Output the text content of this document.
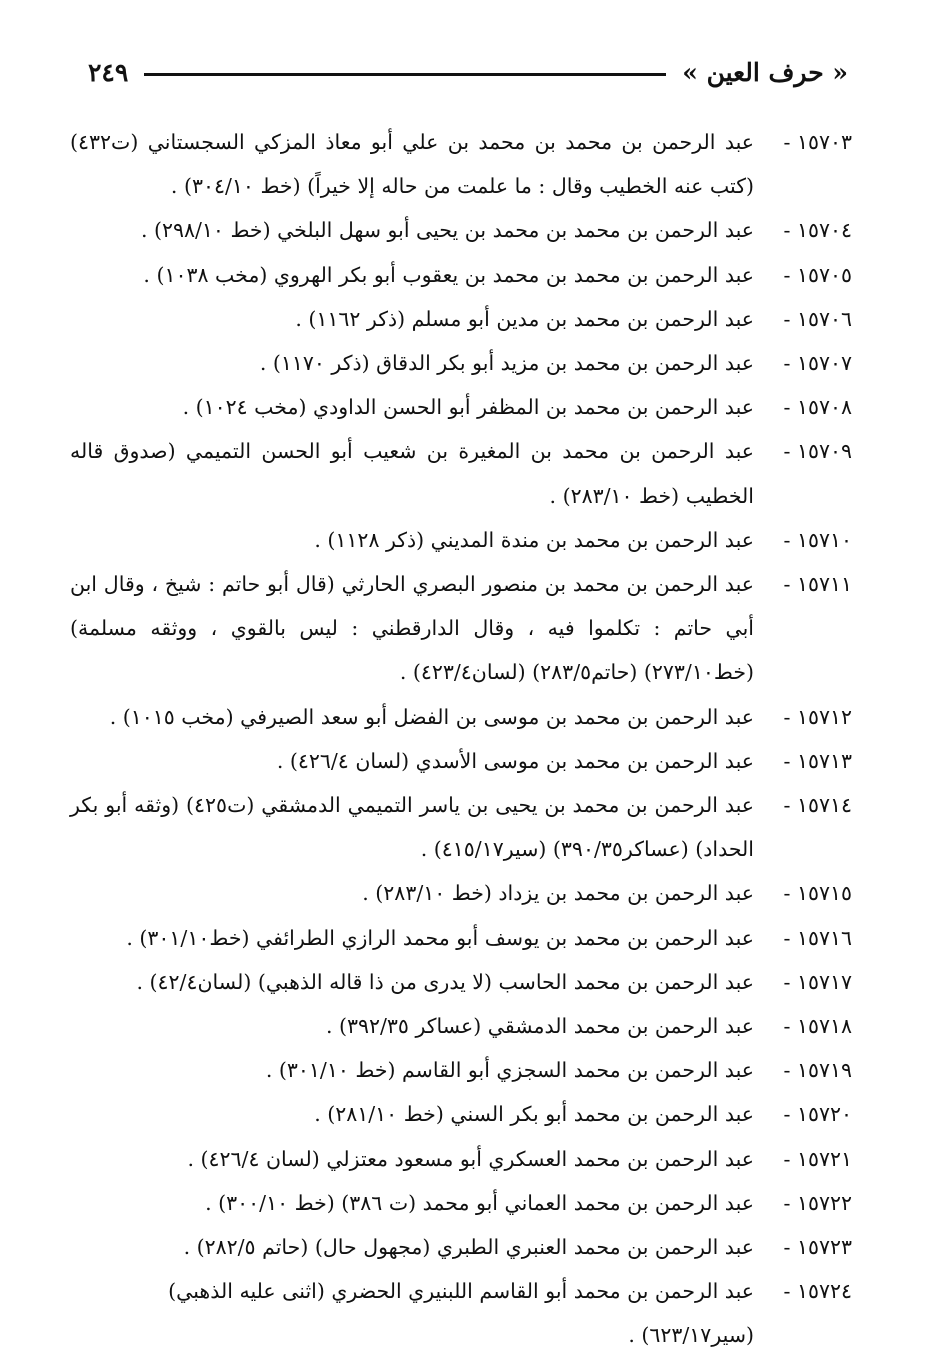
« حرف العين »
٢٤٩
١٥٧٠٣ -
عبد الرحمن بن محمد بن محمد بن علي أبو معاذ المزكي السجستاني (ت٤٣٢) (كتب عنه الخطيب وقال : ما علمت من حاله إلا خيراً) (خط ٣٠٤/١٠) .
١٥٧٠٤ -
عبد الرحمن بن محمد بن محمد بن يحيى أبو سهل البلخي (خط ٢٩٨/١٠) .
١٥٧٠٥ -
عبد الرحمن بن محمد بن محمد بن يعقوب أبو بكر الهروي (مخب ١٠٣٨) .
١٥٧٠٦ -
عبد الرحمن بن محمد بن مدين أبو مسلم (ذكر ١١٦٢) .
١٥٧٠٧ -
عبد الرحمن بن محمد بن مزيد أبو بكر الدقاق (ذكر ١١٧٠) .
١٥٧٠٨ -
عبد الرحمن بن محمد بن المظفر أبو الحسن الداودي (مخب ١٠٢٤) .
١٥٧٠٩ -
عبد الرحمن بن محمد بن المغيرة بن شعيب أبو الحسن التميمي (صدوق قاله الخطيب (خط ٢٨٣/١٠) .
١٥٧١٠ -
عبد الرحمن بن محمد بن مندة المديني (ذكر ١١٢٨) .
١٥٧١١ -
عبد الرحمن بن محمد بن منصور البصري الحارثي (قال أبو حاتم : شيخ ، وقال ابن أبي حاتم : تكلموا فيه ، وقال الدارقطني : ليس بالقوي ، ووثقه مسلمة) (خط٢٧٣/١٠) (حاتم٢٨٣/٥) (لسان٤٢٣/٤) .
١٥٧١٢ -
عبد الرحمن بن محمد بن موسى بن الفضل أبو سعد الصيرفي (مخب ١٠١٥) .
١٥٧١٣ -
عبد الرحمن بن محمد بن موسى الأسدي (لسان ٤٢٦/٤) .
١٥٧١٤ -
عبد الرحمن بن محمد بن يحيى بن ياسر التميمي الدمشقي (ت٤٢٥) (وثقه أبو بكر الحداد) (عساكر٣٩٠/٣٥) (سير٤١٥/١٧) .
١٥٧١٥ -
عبد الرحمن بن محمد بن يزداد (خط ٢٨٣/١٠) .
١٥٧١٦ -
عبد الرحمن بن محمد بن يوسف أبو محمد الرازي الطرائفي (خط٣٠١/١٠) .
١٥٧١٧ -
عبد الرحمن بن محمد الحاسب (لا يدرى من ذا قاله الذهبي) (لسان٤٢/٤) .
١٥٧١٨ -
عبد الرحمن بن محمد الدمشقي (عساكر ٣٩٢/٣٥) .
١٥٧١٩ -
عبد الرحمن بن محمد السجزي أبو القاسم (خط ٣٠١/١٠) .
١٥٧٢٠ -
عبد الرحمن بن محمد أبو بكر السني (خط ٢٨١/١٠) .
١٥٧٢١ -
عبد الرحمن بن محمد العسكري أبو مسعود معتزلي (لسان ٤٢٦/٤) .
١٥٧٢٢ -
عبد الرحمن بن محمد العماني أبو محمد (ت ٣٨٦) (خط ٣٠٠/١٠) .
١٥٧٢٣ -
عبد الرحمن بن محمد العنبري الطبري (مجهول حال) (حاتم ٢٨٢/٥) .
١٥٧٢٤ -
عبد الرحمن بن محمد أبو القاسم اللبنيري الحضري (اثنى عليه الذهبي) (سير٦٢٣/١٧) .
